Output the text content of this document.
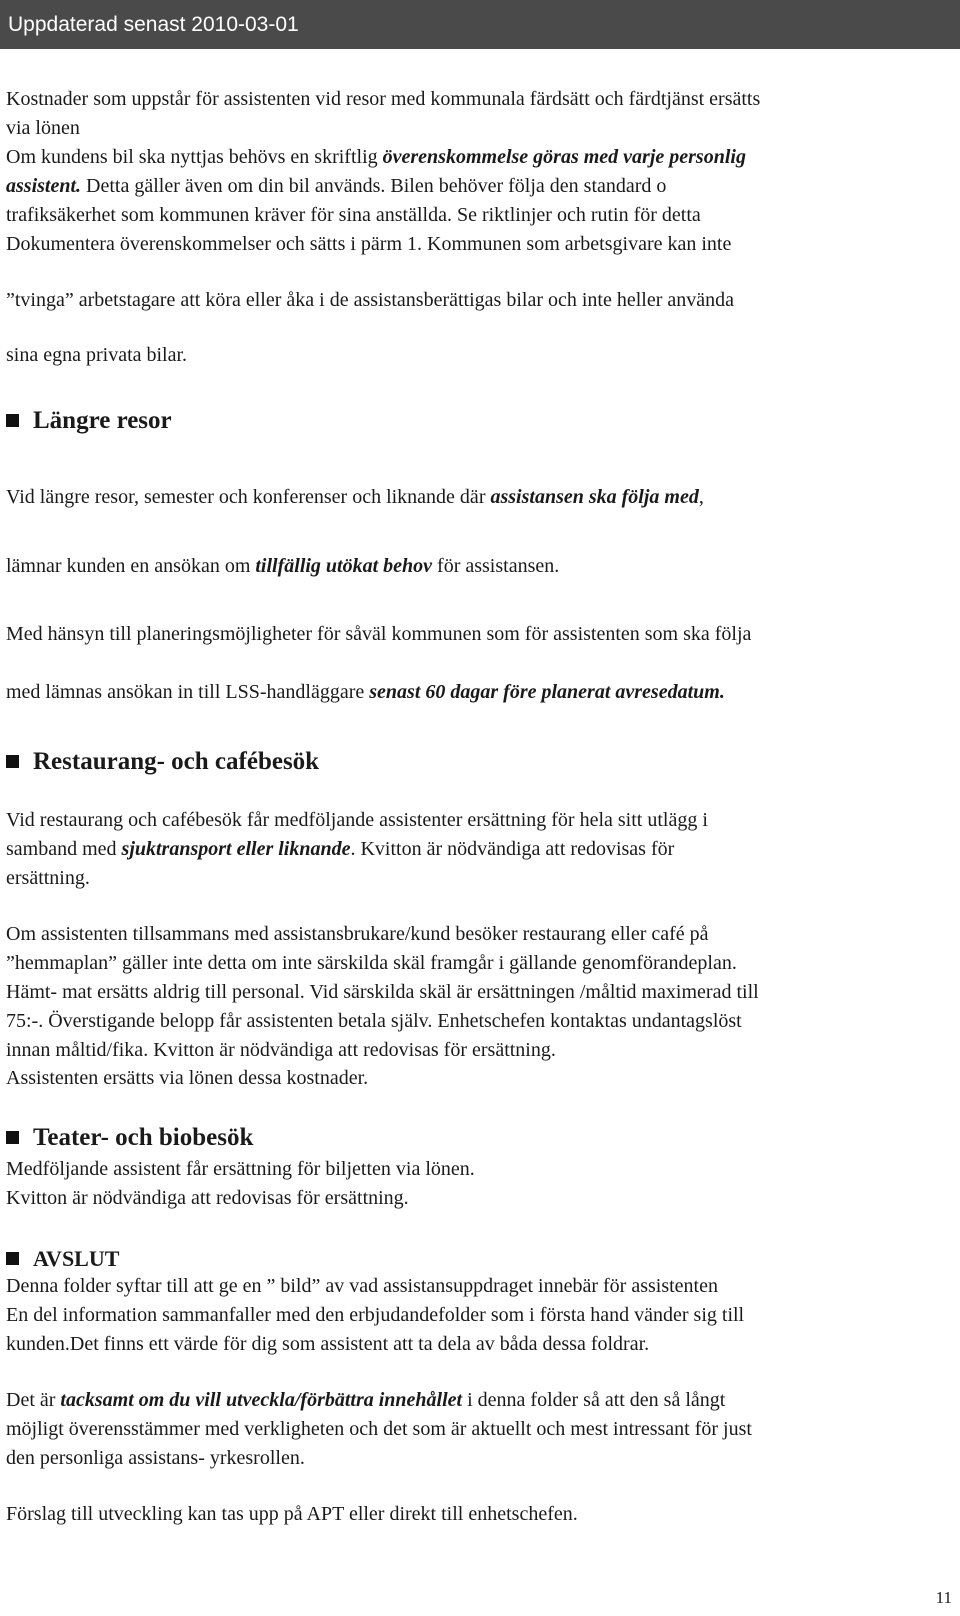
Uppdaterad senast 2010-03-01

Kostnader som uppstår för assistenten vid resor med kommunala färdsätt och färdtjänst ersätts

via lönen

Om kundens bil ska nyttjas behövs en skriftlig överenskommelse göras med varje personlig

assistent. Detta gäller även om din bil används. Bilen behöver följa den standard o

trafiksäkerhet som kommunen kräver för sina anställda. Se riktlinjer och rutin för detta

Dokumentera överenskommelser och sätts i pärm 1. Kommunen som arbetsgivare kan inte

”tvinga” arbetstagare att köra eller åka i de assistansberättigas bilar och inte heller använda

sina egna privata bilar.

Längre resor

Vid längre resor, semester och konferenser och liknande där assistansen ska följa med,

lämnar kunden en ansökan om tillfällig utökat behov för assistansen.

Med hänsyn till planeringsmöjligheter för såväl kommunen som för assistenten som ska följa

med lämnas ansökan in till LSS-handläggare senast 60 dagar före planerat avresedatum.

Restaurang- och cafébesök

Vid restaurang och cafébesök får medföljande assistenter ersättning för hela sitt utlägg i

samband med sjuktransport eller liknande. Kvitton är nödvändiga att redovisas för

ersättning.

Om assistenten tillsammans med assistansbrukare/kund besöker restaurang eller café på

”hemmaplan” gäller inte detta om inte särskilda skäl framgår i gällande genomförandeplan.

Hämt- mat ersätts aldrig till personal. Vid särskilda skäl är ersättningen /måltid maximerad till

75:-. Överstigande belopp får assistenten betala själv. Enhetschefen kontaktas undantagslöst

innan måltid/fika. Kvitton är nödvändiga att redovisas för ersättning.

Assistenten ersätts via lönen dessa kostnader.

Teater- och biobesök

Medföljande assistent får ersättning för biljetten via lönen.

Kvitton är nödvändiga att redovisas för ersättning.

AVSLUT

Denna folder syftar till att ge en ” bild” av vad assistansuppdraget innebär för assistenten

En del information sammanfaller med den erbjudandefolder som i första hand vänder sig till

kunden.Det finns ett värde för dig som assistent att ta dela av båda dessa foldrar.

Det är tacksamt om du vill utveckla/förbättra innehållet i denna folder så att den så långt

möjligt överensstämmer med verkligheten och det som är aktuellt och mest intressant för just

den personliga assistans- yrkesrollen.

Förslag till utveckling kan tas upp på APT eller direkt till enhetschefen.

11
